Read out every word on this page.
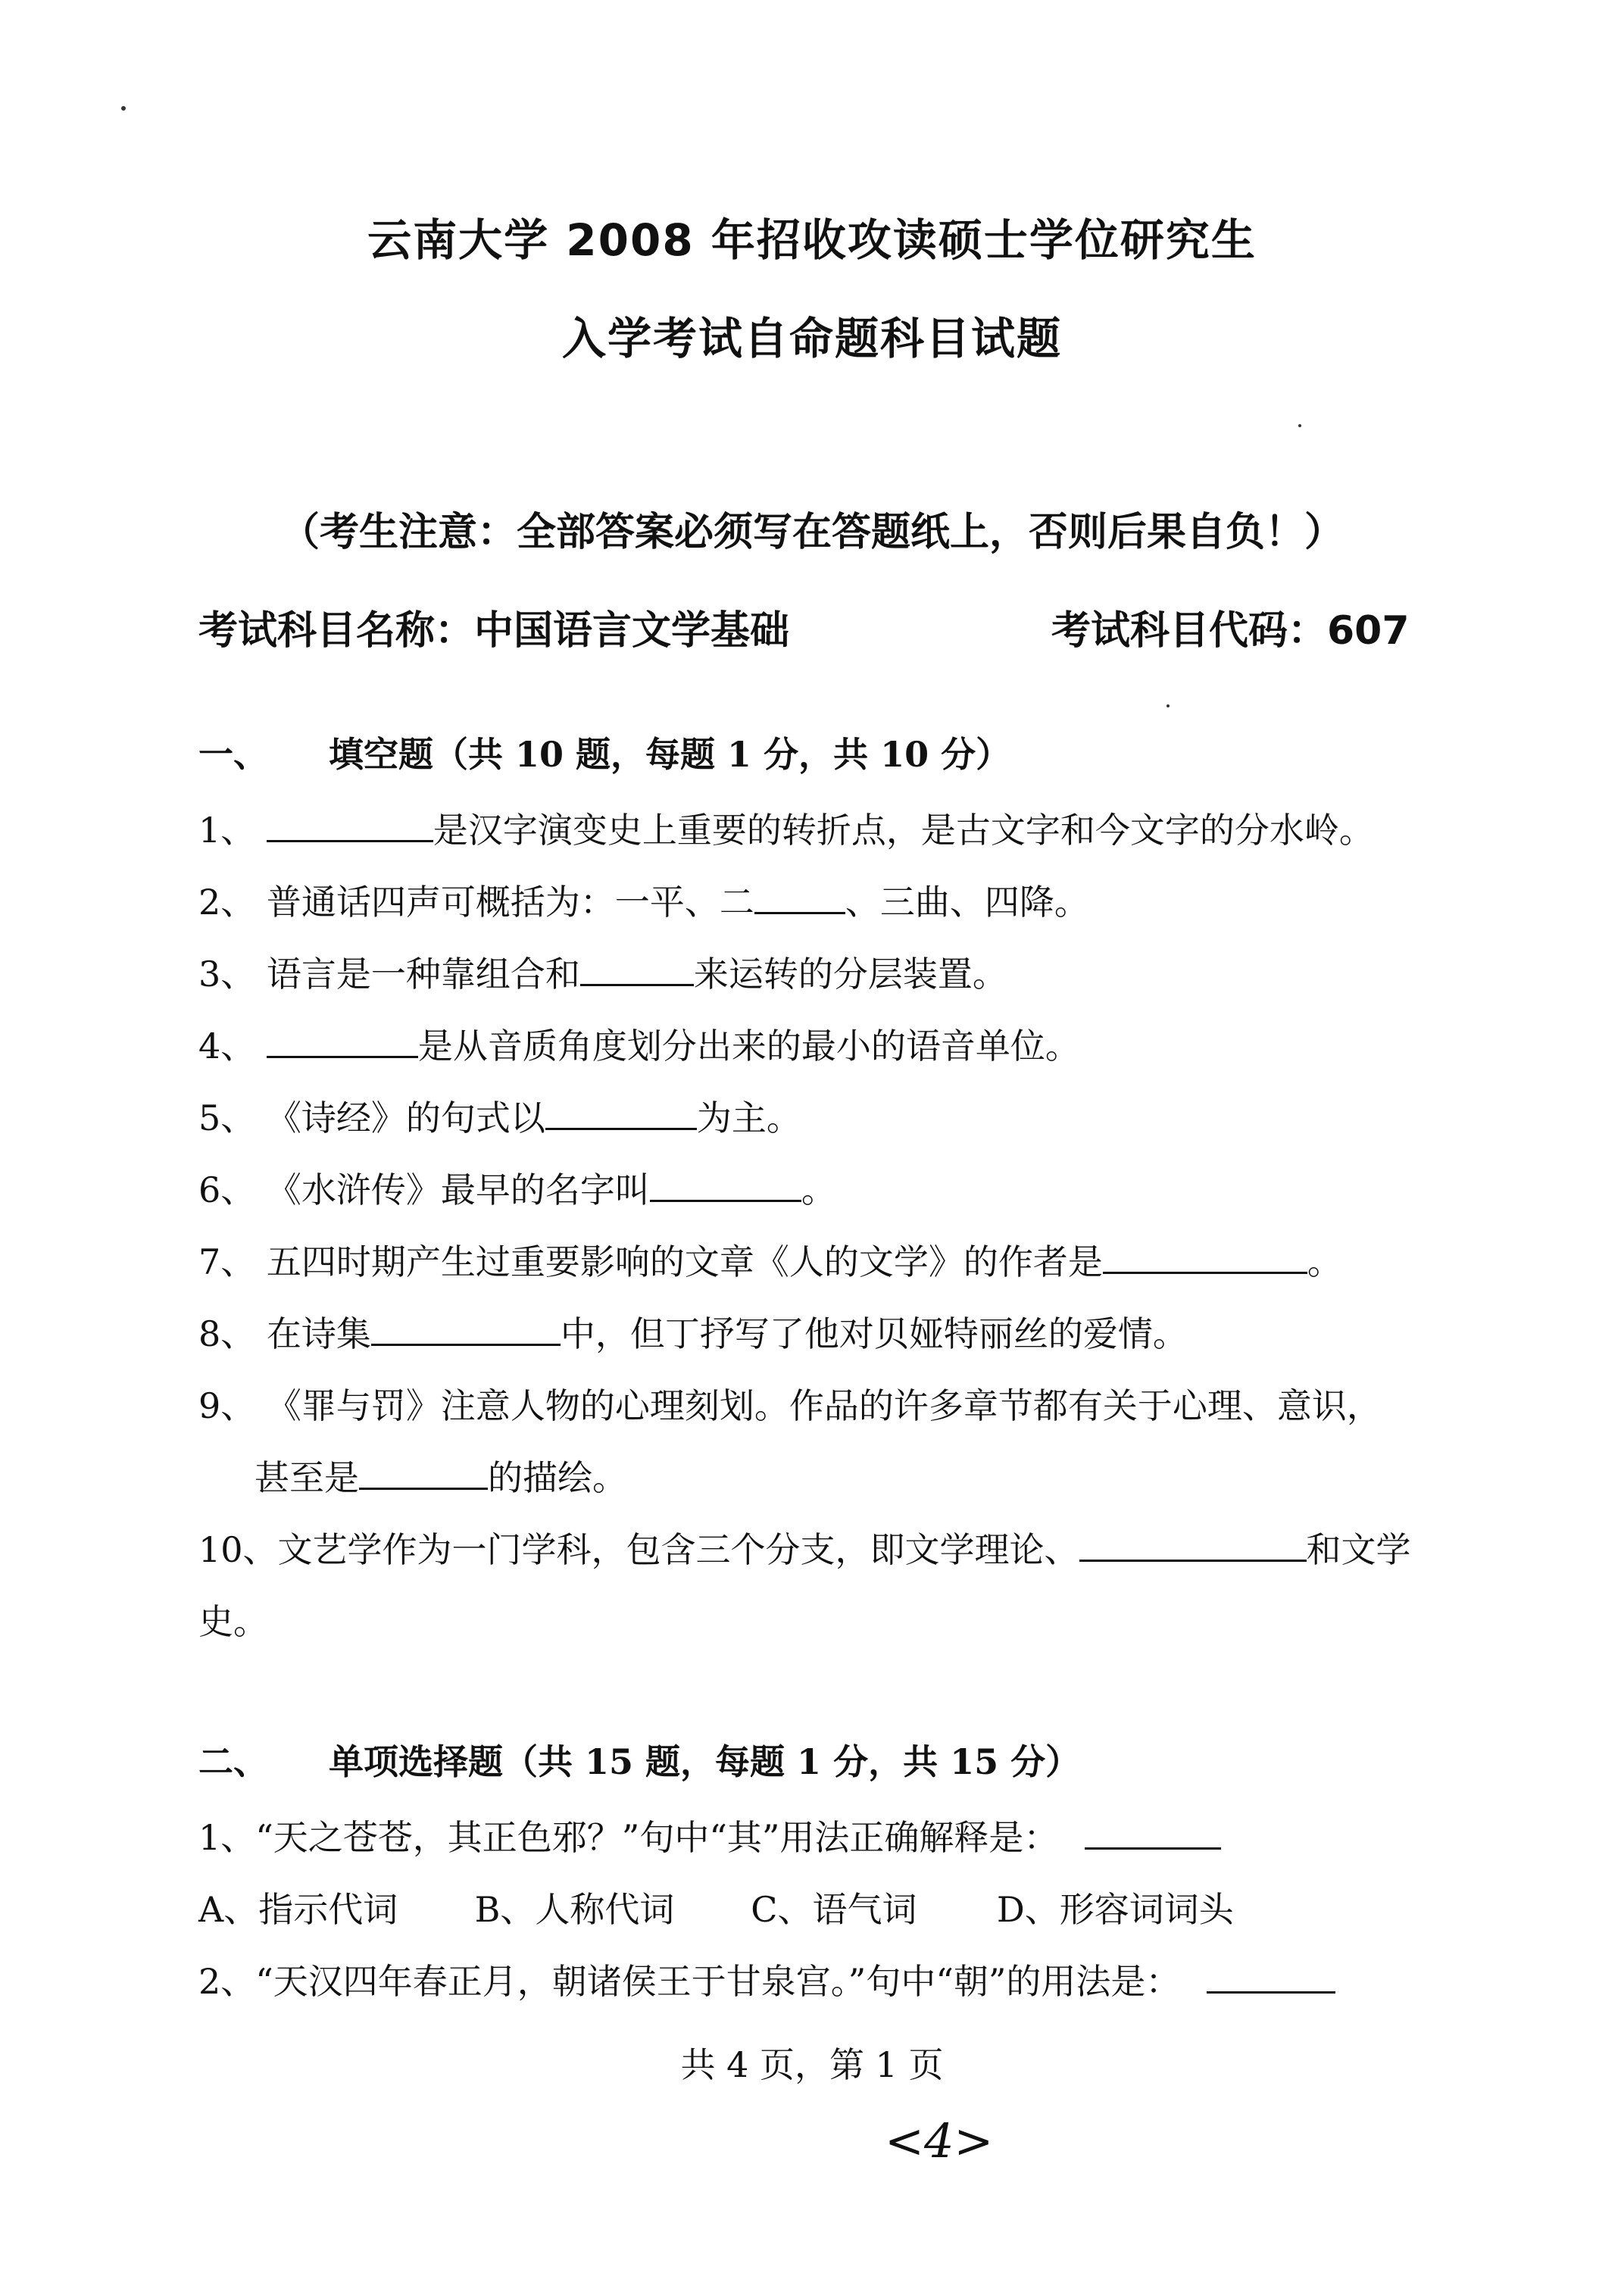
云南大学 2008 年招收攻读硕士学位研究生
入学考试自命题科目试题
（考生注意：全部答案必须写在答题纸上，否则后果自负！）
考试科目名称：中国语言文学基础	考试科目代码：607
一、 填空题（共 10 题，每题 1 分，共 10 分）
1、	是汉字演变史上重要的转折点，是古文字和今文字的分水岭。
2、 普通话四声可概括为：一平、二	、三曲、四降。
3、 语言是一种靠组合和	来运转的分层装置。
4、	是从音质角度划分出来的最小的语音单位。
5、 《诗经》的句式以	为主。
6、 《水浒传》最早的名字叫	。
7、 五四时期产生过重要影响的文章《人的文学》的作者是	。
8、 在诗集	中，但丁抒写了他对贝娅特丽丝的爱情。
9、 《罪与罚》注意人物的心理刻划。作品的许多章节都有关于心理、意识，
甚至是	的描绘。
10、文艺学作为一门学科，包含三个分支，即文学理论、	和文学
史。
二、 单项选择题（共 15 题，每题 1 分，共 15 分）
1、“天之苍苍，其正色邪？”句中“其”用法正确解释是：
A、指示代词 B、人称代词 C、语气词 D、形容词词头
2、“天汉四年春正月，朝诸侯王于甘泉宫。”句中“朝”的用法是：
共 4 页，第 1 页
<4>
